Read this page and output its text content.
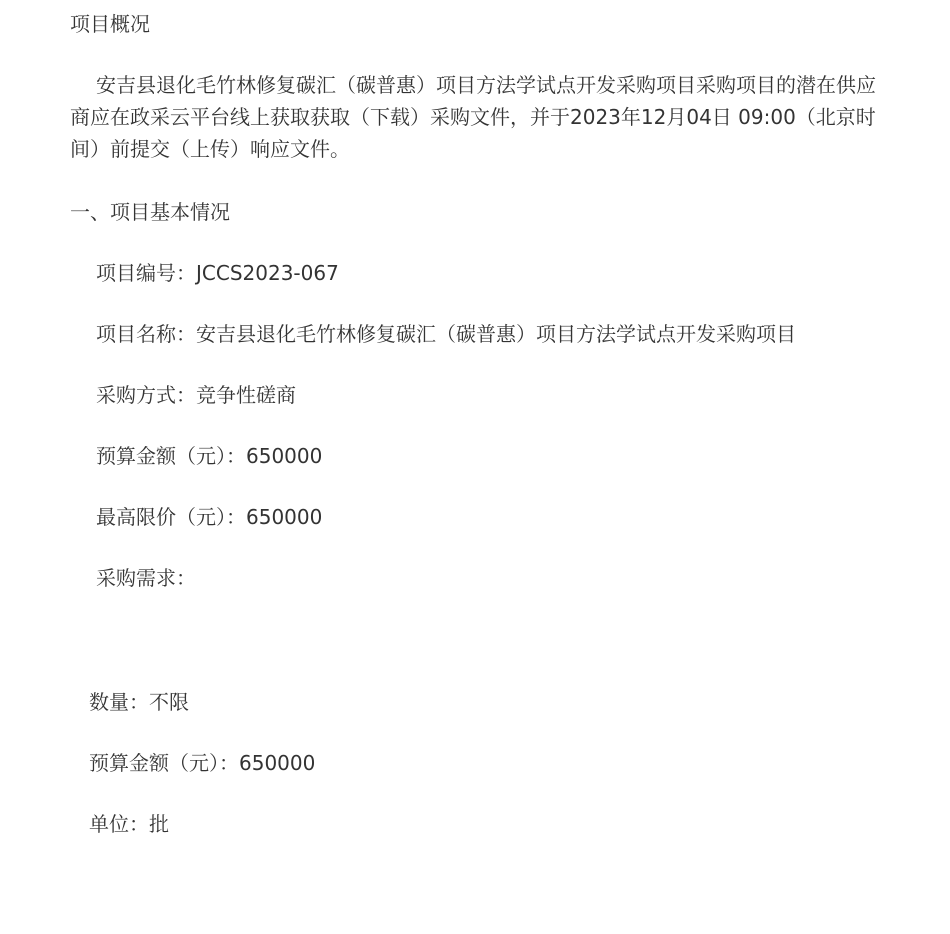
项目概况
安吉县退化毛竹林修复碳汇（碳普惠）项目方法学试点开发采购项目采购项目的潜在供应商应在政采云平台线上获取获取（下载）采购文件，并于2023年12月04日 09:00（北京时间）前提交（上传）响应文件。
一、项目基本情况
项目编号：JCCS2023-067
项目名称：安吉县退化毛竹林修复碳汇（碳普惠）项目方法学试点开发采购项目
采购方式：竞争性磋商
预算金额（元）：650000
最高限价（元）：650000
采购需求：
数量：不限
预算金额（元）：650000
单位：批
